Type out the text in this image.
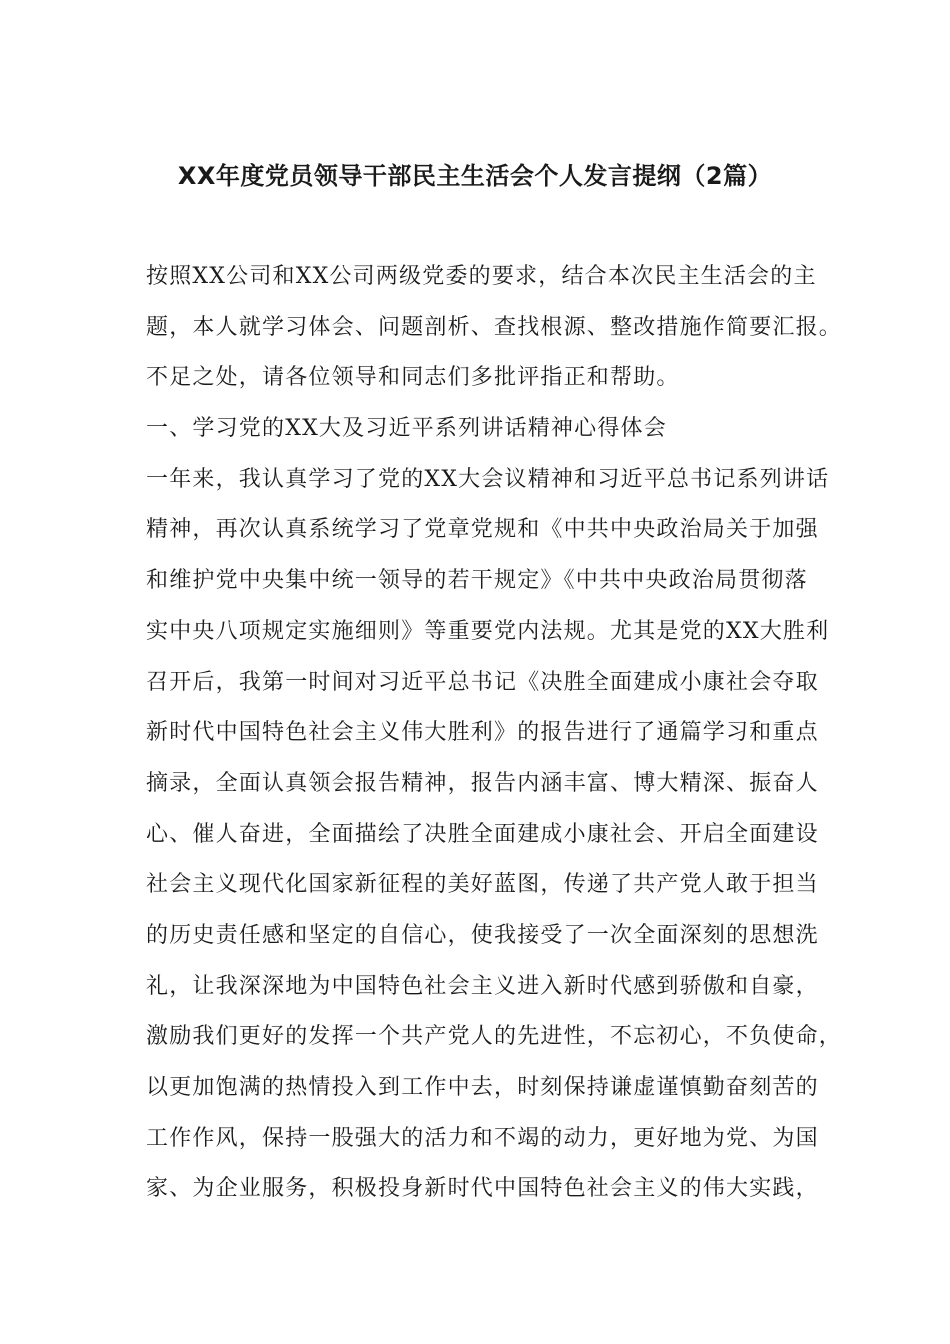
XX年度党员领导干部民主生活会个人发言提纲（2篇）
按照XX公司和XX公司两级党委的要求，结合本次民主生活会的主
题，本人就学习体会、问题剖析、查找根源、整改措施作简要汇报。
不足之处，请各位领导和同志们多批评指正和帮助。
一、学习党的XX大及习近平系列讲话精神心得体会
一年来，我认真学习了党的XX大会议精神和习近平总书记系列讲话
精神，再次认真系统学习了党章党规和《中共中央政治局关于加强
和维护党中央集中统一领导的若干规定》《中共中央政治局贯彻落
实中央八项规定实施细则》等重要党内法规。尤其是党的XX大胜利
召开后，我第一时间对习近平总书记《决胜全面建成小康社会夺取
新时代中国特色社会主义伟大胜利》的报告进行了通篇学习和重点
摘录，全面认真领会报告精神，报告内涵丰富、博大精深、振奋人
心、催人奋进，全面描绘了决胜全面建成小康社会、开启全面建设
社会主义现代化国家新征程的美好蓝图，传递了共产党人敢于担当
的历史责任感和坚定的自信心，使我接受了一次全面深刻的思想洗
礼，让我深深地为中国特色社会主义进入新时代感到骄傲和自豪，
激励我们更好的发挥一个共产党人的先进性，不忘初心，不负使命，
以更加饱满的热情投入到工作中去，时刻保持谦虚谨慎勤奋刻苦的
工作作风，保持一股强大的活力和不竭的动力，更好地为党、为国
家、为企业服务，积极投身新时代中国特色社会主义的伟大实践，
